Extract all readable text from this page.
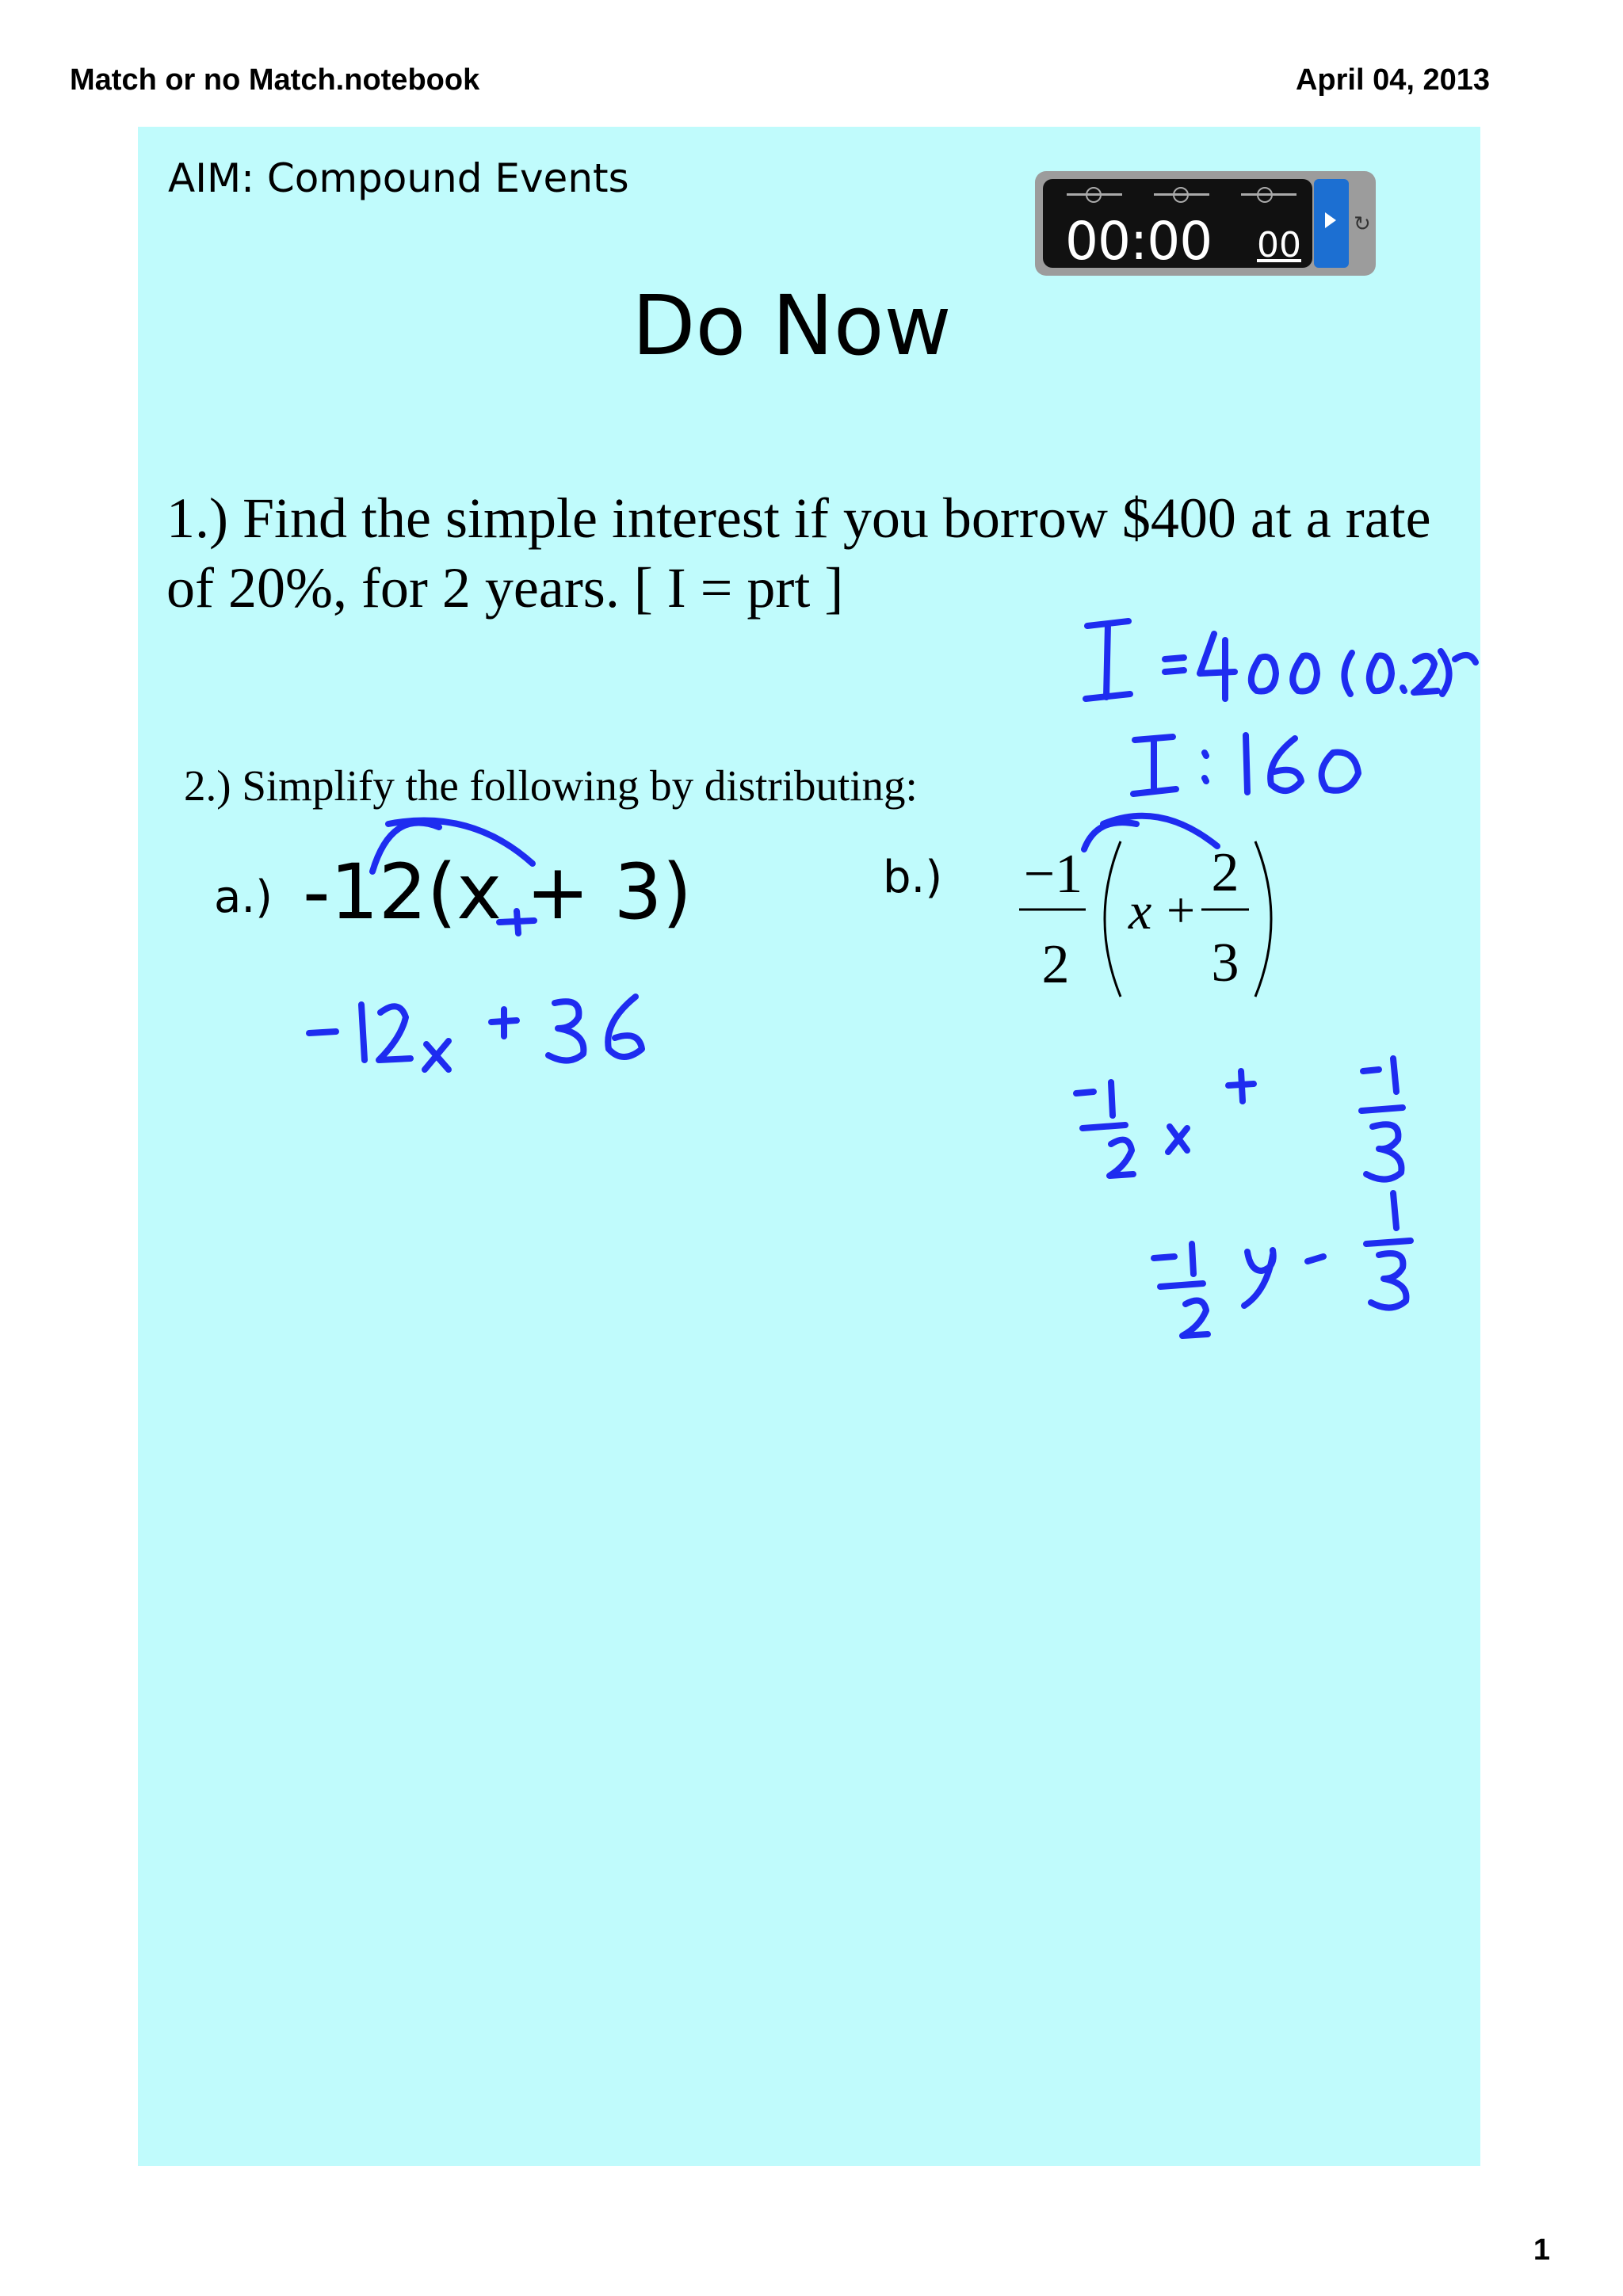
Match or no Match.notebook	April 04, 2013
AIM: Compound Events
00:00 00
↻
Do Now
1.) Find the simple interest if you borrow $400 at a rate of 20%, for 2 years. [ I = prt ]
2.) Simplify the following by distributing:
a.) -12(x + 3)	b.) −1
2
x +
2
3
1
